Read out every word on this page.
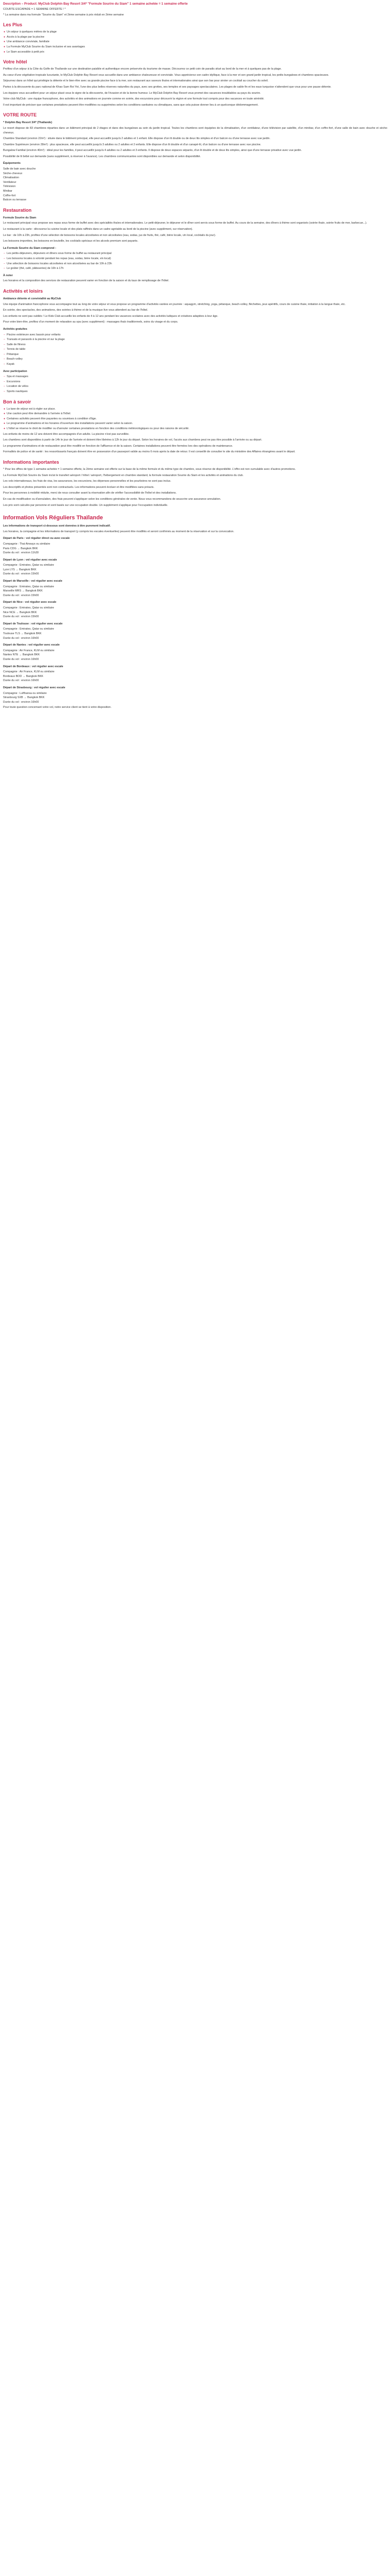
Description – Product: MyClub Dolphin Bay Resort 3/4* "Formule Sourire du Siam" 1 semaine achetée = 1 semaine offerte
COURTE ESCAPADE = 1 SEMAINE OFFERTE ! *
* La semaine dans ma formule "Sourire du Siam" et 2ème semaine à prix réduit en 2ème semaine
Les Plus
● Un séjour à quelques mètres de la plage
● Accès à la plage par la piscine
● Une ambiance conviviale, familiale
● La Formule MyClub Sourire du Siam inclusive et ses avantages
● Le Siam accessible à petit prix
Votre hôtel

Profitez d'un séjour à la Côte du Golfe de Thaïlande sur une destination paisible et authentique encore préservée du tourisme de masse. Découvrez ce petit coin de paradis situé au bord de la mer et à quelques pas de la plage.

Au cœur d'une végétation tropicale luxuriante, le MyClub Dolphin Bay Resort vous accueille dans une ambiance chaleureuse et conviviale. Vous apprécierez son cadre idyllique, face à la mer et son grand jardin tropical, les petits bungalows et chambres spacieuses.

Séjournez dans un hôtel qui privilégie la détente et le bien-être avec sa grande piscine face à la mer, son restaurant aux saveurs thaïes et internationales ainsi que son bar pour siroter un cocktail au coucher du soleil.

Partez à la découverte du parc national de Khao Sam Roi Yot, l'une des plus belles réserves naturelles du pays, avec ses grottes, ses temples et ses paysages spectaculaires. Les plages de sable fin et les eaux turquoise n'attendent que vous pour une pause détente.

Les équipes vous accueillent pour un séjour placé sous le signe de la découverte, de l'évasion et de la bonne humeur. Le MyClub Dolphin Bay Resort vous promet des vacances inoubliables au pays du sourire.

Votre club MyClub : une équipe francophone, des activités et des animations en journée comme en soirée, des excursions pour découvrir la région et une formule tout compris pour des vacances en toute sérénité.

Il est important de préciser que certaines prestations peuvent être modifiées ou supprimées selon les conditions sanitaires ou climatiques, sans que cela puisse donner lieu à un quelconque dédommagement.

VOTRE ROUTE
* Dolphin Bay Resort 3/4* (Thaïlande)

Le resort dispose de 83 chambres réparties dans un bâtiment principal de 2 étages et dans des bungalows au sein du jardin tropical. Toutes les chambres sont équipées de la climatisation, d'un ventilateur, d'une télévision par satellite, d'un minibar, d'un coffre-fort, d'une salle de bain avec douche et sèche-cheveux.

Chambre Standard (environ 22m²) : située dans le bâtiment principal, elle peut accueillir jusqu'à 2 adultes et 1 enfant. Elle dispose d'un lit double ou de deux lits simples et d'un balcon ou d'une terrasse avec vue jardin.

Chambre Supérieure (environ 28m²) : plus spacieuse, elle peut accueillir jusqu'à 3 adultes ou 2 adultes et 2 enfants. Elle dispose d'un lit double et d'un canapé-lit, d'un balcon ou d'une terrasse avec vue piscine.

Bungalow Familial (environ 40m²) : idéal pour les familles, il peut accueillir jusqu'à 4 adultes ou 2 adultes et 3 enfants. Il dispose de deux espaces séparés, d'un lit double et de deux lits simples, ainsi que d'une terrasse privative avec vue jardin.

Possibilité de lit bébé sur demande (sans supplément, à réserver à l'avance). Les chambres communicantes sont disponibles sur demande et selon disponibilité.

Équipements
Salle de bain avec douche
Sèche-cheveux
Climatisation
Ventilateur
Télévision
Minibar
Coffre-fort
Balcon ou terrasse
Restauration
Formule Sourire du Siam

Le restaurant principal vous propose ses repas sous forme de buffet avec des spécialités thaïes et internationales. Le petit-déjeuner, le déjeuner et le dîner sont servis sous forme de buffet. Au cours de la semaine, des dîners à thème sont organisés (soirée thaïe, soirée fruits de mer, barbecue...).

Le restaurant à la carte : découvrez la cuisine locale et des plats raffinés dans un cadre agréable au bord de la piscine (avec supplément, sur réservation).

Le bar : de 10h à 23h, profitez d'une sélection de boissons locales alcoolisées et non alcoolisées (eau, sodas, jus de fruits, thé, café, bière locale, vin local, cocktails du jour).

Les boissons importées, les boissons en bouteille, les cocktails spéciaux et les alcools premium sont payants.

La Formule Sourire du Siam comprend :
– Les petits-déjeuners, déjeuners et dîners sous forme de buffet au restaurant principal
– Les boissons locales à volonté pendant les repas (eau, sodas, bière locale, vin local)
– Une sélection de boissons locales alcoolisées et non alcoolisées au bar de 10h à 23h
– Le goûter (thé, café, pâtisseries) de 16h à 17h
À noter

Les horaires et la composition des services de restauration peuvent varier en fonction de la saison et du taux de remplissage de l'hôtel.

Activités et loisirs
Ambiance détente et convivialité au MyClub

Une équipe d'animation francophone vous accompagne tout au long de votre séjour et vous propose un programme d'activités variées en journée : aquagym, stretching, yoga, pétanque, beach-volley, fléchettes, jeux apéritifs, cours de cuisine thaïe, initiation à la langue thaïe, etc.

En soirée, des spectacles, des animations, des soirées à thème et de la musique live vous attendent au bar de l'hôtel.

Les enfants ne sont pas oubliés ! Le Kids Club accueille les enfants de 4 à 12 ans pendant les vacances scolaires avec des activités ludiques et créatives adaptées à leur âge.

Pour votre bien-être, profitez d'un moment de relaxation au spa (avec supplément) : massages thaïs traditionnels, soins du visage et du corps.

Activités gratuites
– Piscine extérieure avec bassin pour enfants
– Transats et parasols à la piscine et sur la plage
– Salle de fitness
– Tennis de table
– Pétanque
– Beach-volley
– Kayak
Avec participation
– Spa et massages
– Excursions
– Location de vélos
– Sports nautiques
Bon à savoir
● La taxe de séjour est à régler sur place.
● Une caution peut être demandée à l'arrivée à l'hôtel.
● Certaines activités peuvent être payantes ou soumises à condition d'âge.
● Le programme d'animations et les horaires d'ouverture des installations peuvent varier selon la saison.
● L'hôtel se réserve le droit de modifier ou d'annuler certaines prestations en fonction des conditions météorologiques ou pour des raisons de sécurité.

Les enfants de moins de 12 ans doivent être accompagnés d'un adulte. La piscine n'est pas surveillée.

Les chambres sont disponibles à partir de 14h le jour de l'arrivée et doivent être libérées à 12h le jour du départ. Selon les horaires de vol, l'accès aux chambres peut ne pas être possible à l'arrivée ou au départ.

Le programme d'animations et de restauration peut être modifié en fonction de l'affluence et de la saison. Certaines installations peuvent être fermées lors des opérations de maintenance.

Formalités de police et de santé : les ressortissants français doivent être en possession d'un passeport valide au moins 6 mois après la date de retour. Il est conseillé de consulter le site du ministère des Affaires étrangères avant le départ.

Informations importantes

* Pour les offres de type 1 semaine achetée = 1 semaine offerte, la 2ème semaine est offerte sur la base de la même formule et du même type de chambre, sous réserve de disponibilité. L'offre est non cumulable avec d'autres promotions.

La Formule MyClub Sourire du Siam inclut le transfert aéroport / hôtel / aéroport, l'hébergement en chambre standard, la formule restauration Sourire du Siam et les activités et animations du club.

Les vols internationaux, les frais de visa, les assurances, les excursions, les dépenses personnelles et les pourboires ne sont pas inclus.

Les descriptifs et photos présentés sont non contractuels. Les informations peuvent évoluer et être modifiées sans préavis.

Pour les personnes à mobilité réduite, merci de nous consulter avant la réservation afin de vérifier l'accessibilité de l'hôtel et des installations.

En cas de modification ou d'annulation, des frais peuvent s'appliquer selon les conditions générales de vente. Nous vous recommandons de souscrire une assurance annulation.

Les prix sont calculés par personne et sont basés sur une occupation double. Un supplément s'applique pour l'occupation individuelle.

Information Vols Réguliers Thaïlande

Les informations de transport ci-dessous sont données à titre purement indicatif.

Les horaires, la compagnie et les informations de transport (y compris les escales éventuelles) peuvent être modifiés et seront confirmés au moment de la réservation et sur la convocation.

Départ de Paris : vol régulier direct ou avec escale
Compagnie : Thai Airways ou similaire
Paris CDG → Bangkok BKK
Durée du vol : environ 11h30
Départ de Lyon : vol régulier avec escale
Compagnie : Emirates, Qatar ou similaire
Lyon LYS → Bangkok BKK
Durée du vol : environ 15h00
Départ de Marseille : vol régulier avec escale
Compagnie : Emirates, Qatar ou similaire
Marseille MRS → Bangkok BKK
Durée du vol : environ 15h00
Départ de Nice : vol régulier avec escale
Compagnie : Emirates, Qatar ou similaire
Nice NCE → Bangkok BKK
Durée du vol : environ 15h00
Départ de Toulouse : vol régulier avec escale
Compagnie : Emirates, Qatar ou similaire
Toulouse TLS → Bangkok BKK
Durée du vol : environ 16h00
Départ de Nantes : vol régulier avec escale
Compagnie : Air France, KLM ou similaire
Nantes NTE → Bangkok BKK
Durée du vol : environ 16h00
Départ de Bordeaux : vol régulier avec escale
Compagnie : Air France, KLM ou similaire
Bordeaux BOD → Bangkok BKK
Durée du vol : environ 16h00
Départ de Strasbourg : vol régulier avec escale
Compagnie : Lufthansa ou similaire
Strasbourg SXB → Bangkok BKK
Durée du vol : environ 16h00

Pour toute question concernant votre vol, notre service client se tient à votre disposition.
